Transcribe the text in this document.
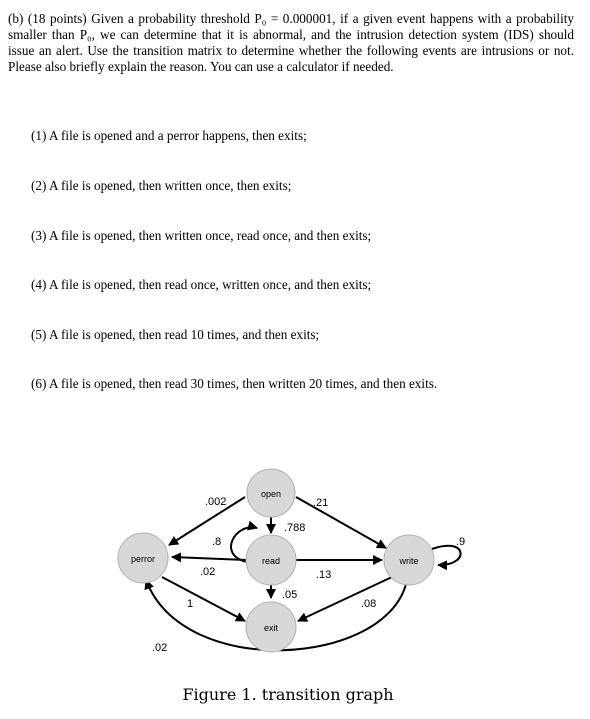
(b) (18 points) Given a probability threshold P₀ = 0.000001, if a given event happens with a probability smaller than P₀, we can determine that it is abnormal, and the intrusion detection system (IDS) should issue an alert. Use the transition matrix to determine whether the following events are intrusions or not. Please also briefly explain the reason. You can use a calculator if needed.
(1) A file is opened and a perror happens, then exits;
(2) A file is opened, then written once, then exits;
(3) A file is opened, then written once, read once, and then exits;
(4) A file is opened, then read once, written once, and then exits;
(5) A file is opened, then read 10 times, and then exits;
(6) A file is opened, then read 30 times, then written 20 times, and then exits.
open
perror	read	write
exit
.002
.788
.21
.8
.02	.13
.05
1
.9
.08
.02
Figure 1. transition graph
